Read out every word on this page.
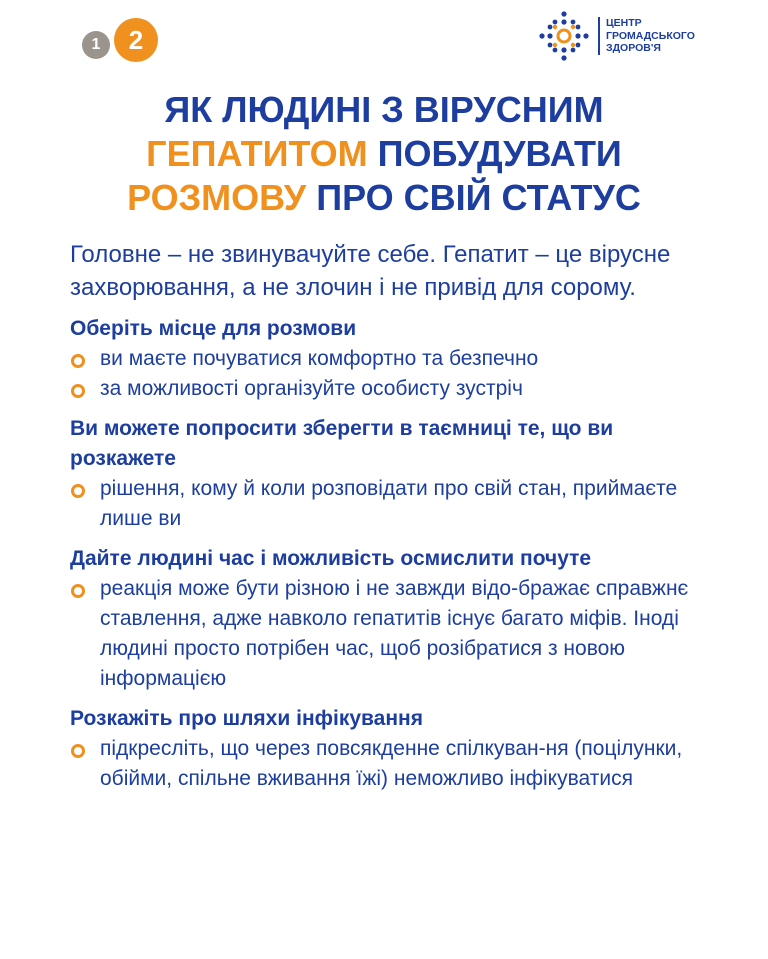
1	2
ЦЕНТР
ГРОМАДСЬКОГО
ЗДОРОВ'Я
ЯК ЛЮДИНІ З ВІРУСНИМ
ГЕПАТИТОМ ПОБУДУВАТИ
РОЗМОВУ ПРО СВІЙ СТАТУС

Головне – не звинувачуйте себе. Гепатит – це вірусне захворювання, а не злочин і не привід для сорому.

Оберіть місце для розмови
ви маєте почуватися комфортно та безпечно
за можливості організуйте особисту зустріч
Ви можете попросити зберегти в таємниці те, що ви розкажете
рішення, кому й коли розповідати про свій стан, приймаєте лише ви
Дайте людині час і можливість осмислити почуте
реакція може бути різною і не завжди відо-бражає справжнє ставлення, адже навколо гепатитів існує багато міфів. Іноді людині просто потрібен час, щоб розібратися з новою інформацією
Розкажіть про шляхи інфікування
підкресліть, що через повсякденне спілкуван-ня (поцілунки, обійми, спільне вживання їжі) неможливо інфікуватися
